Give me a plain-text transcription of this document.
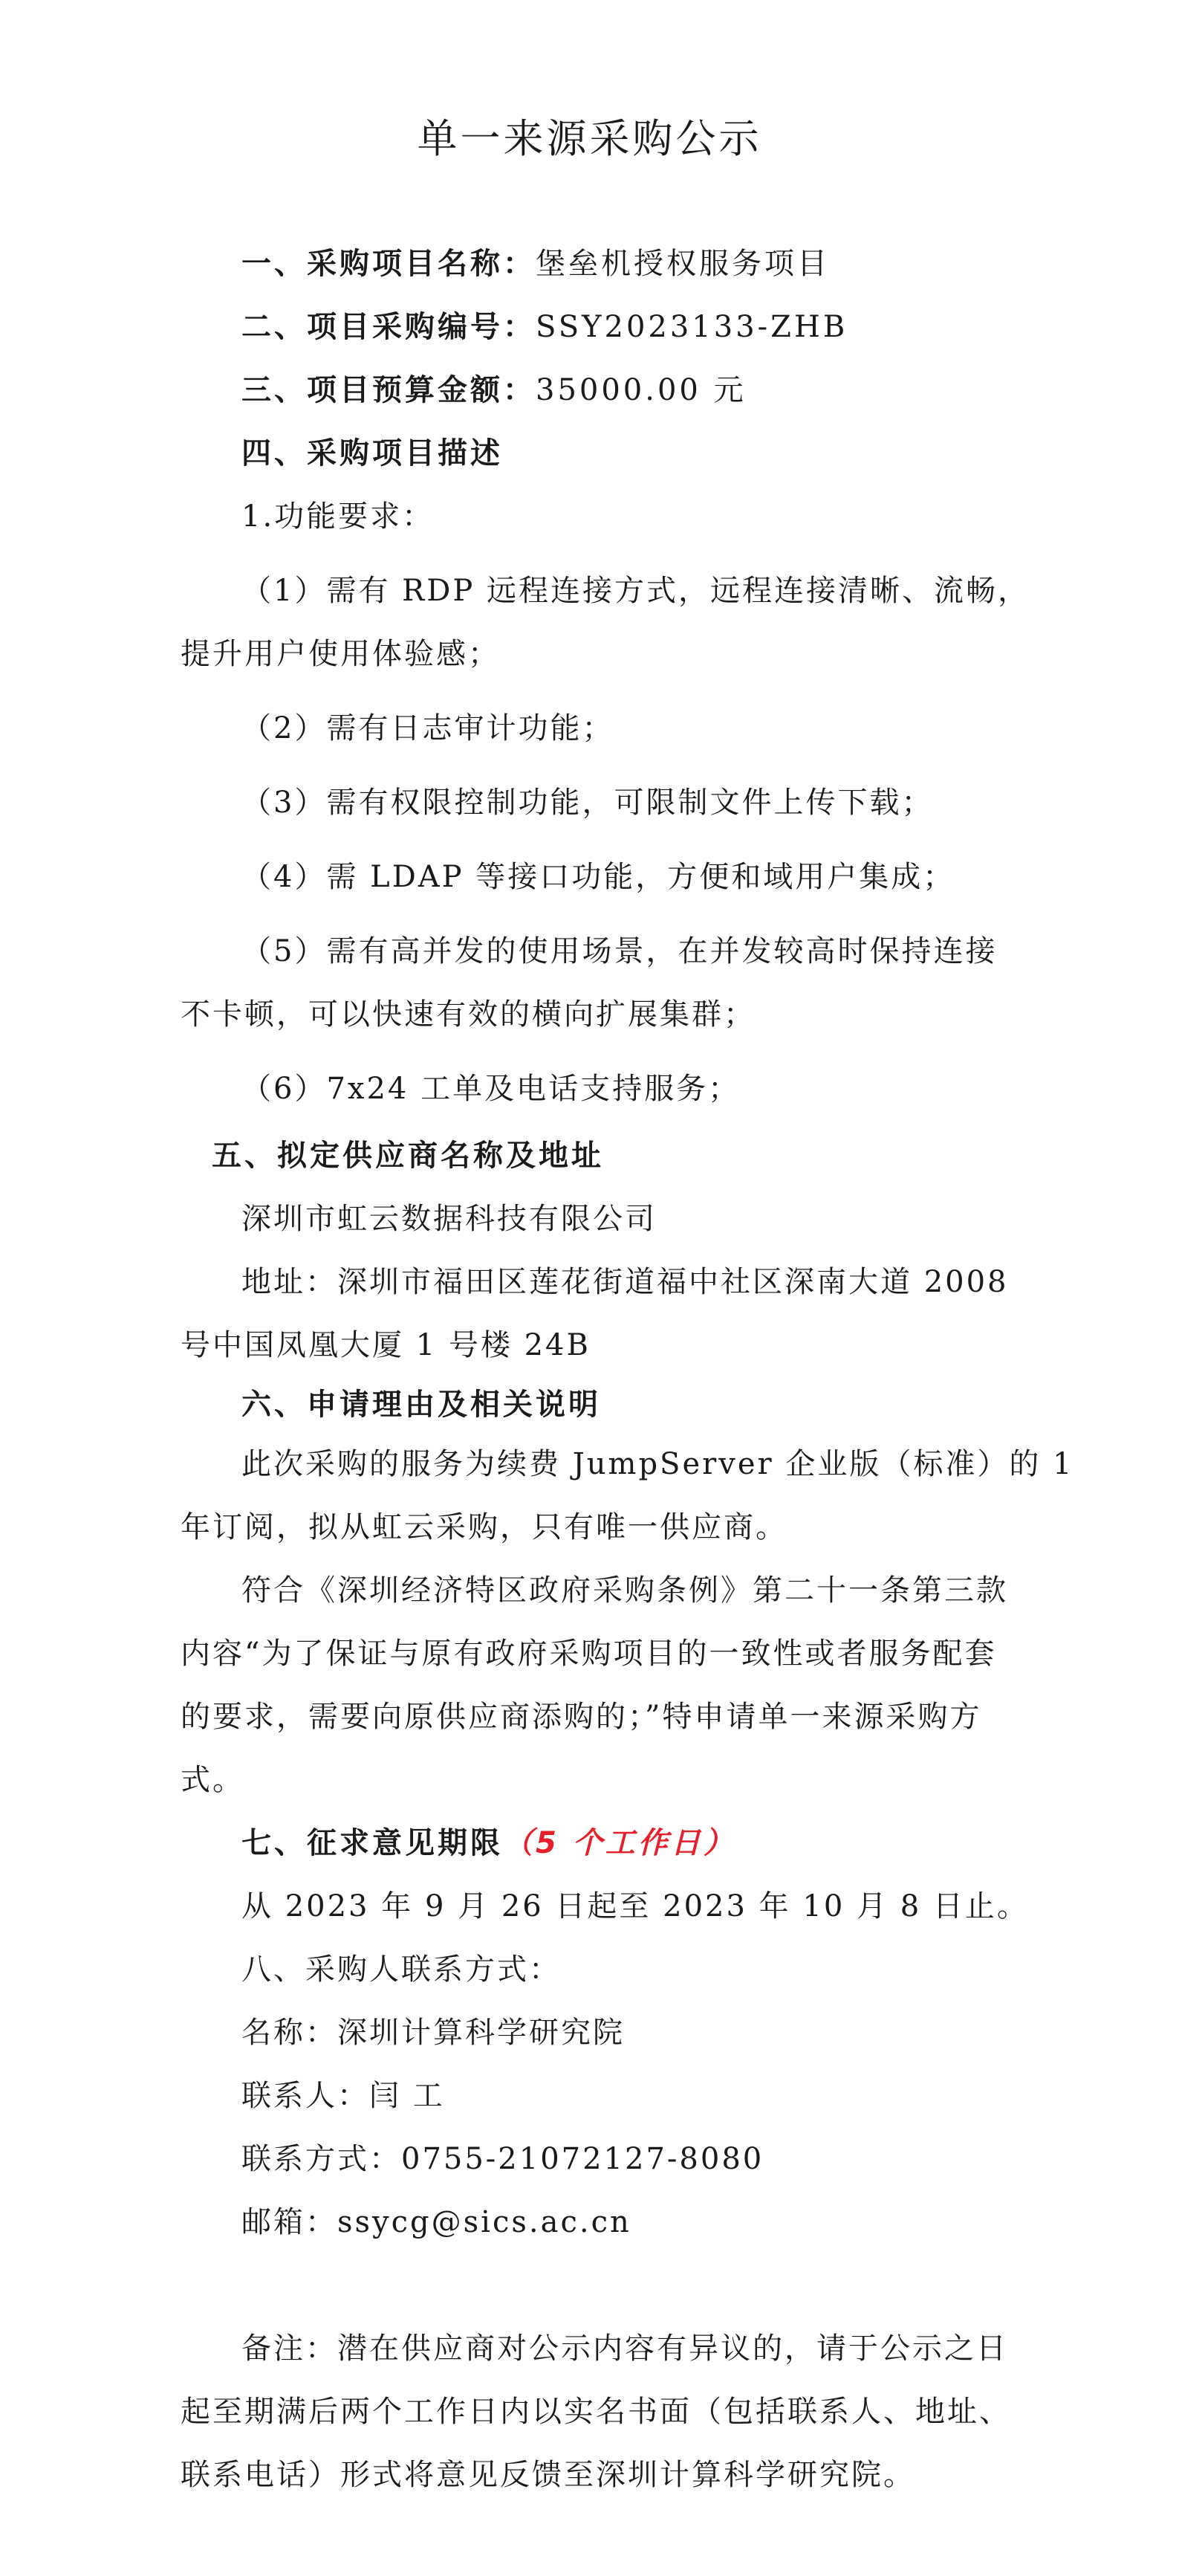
单一来源采购公示
一、采购项目名称：堡垒机授权服务项目
二、项目采购编号：SSY2023133-ZHB
三、项目预算金额：35000.00 元
四、采购项目描述
1.功能要求：
（1）需有 RDP 远程连接方式，远程连接清晰、流畅，
提升用户使用体验感；
（2）需有日志审计功能；
（3）需有权限控制功能，可限制文件上传下载；
（4）需 LDAP 等接口功能，方便和域用户集成；
（5）需有高并发的使用场景，在并发较高时保持连接
不卡顿，可以快速有效的横向扩展集群；
（6）7x24 工单及电话支持服务；
五、拟定供应商名称及地址
深圳市虹云数据科技有限公司
地址：深圳市福田区莲花街道福中社区深南大道 2008
号中国凤凰大厦 1 号楼 24B
六、申请理由及相关说明
此次采购的服务为续费 JumpServer 企业版（标准）的 1
年订阅，拟从虹云采购，只有唯一供应商。
符合《深圳经济特区政府采购条例》第二十一条第三款
内容“为了保证与原有政府采购项目的一致性或者服务配套
的要求，需要向原供应商添购的；”特申请单一来源采购方
式。
七、征求意见期限（5 个工作日）
从 2023 年 9 月 26 日起至 2023 年 10 月 8 日止。
八、采购人联系方式：
名称：深圳计算科学研究院
联系人：闫 工
联系方式：0755-21072127-8080
邮箱：ssycg@sics.ac.cn
备注：潜在供应商对公示内容有异议的，请于公示之日
起至期满后两个工作日内以实名书面（包括联系人、地址、
联系电话）形式将意见反馈至深圳计算科学研究院。
